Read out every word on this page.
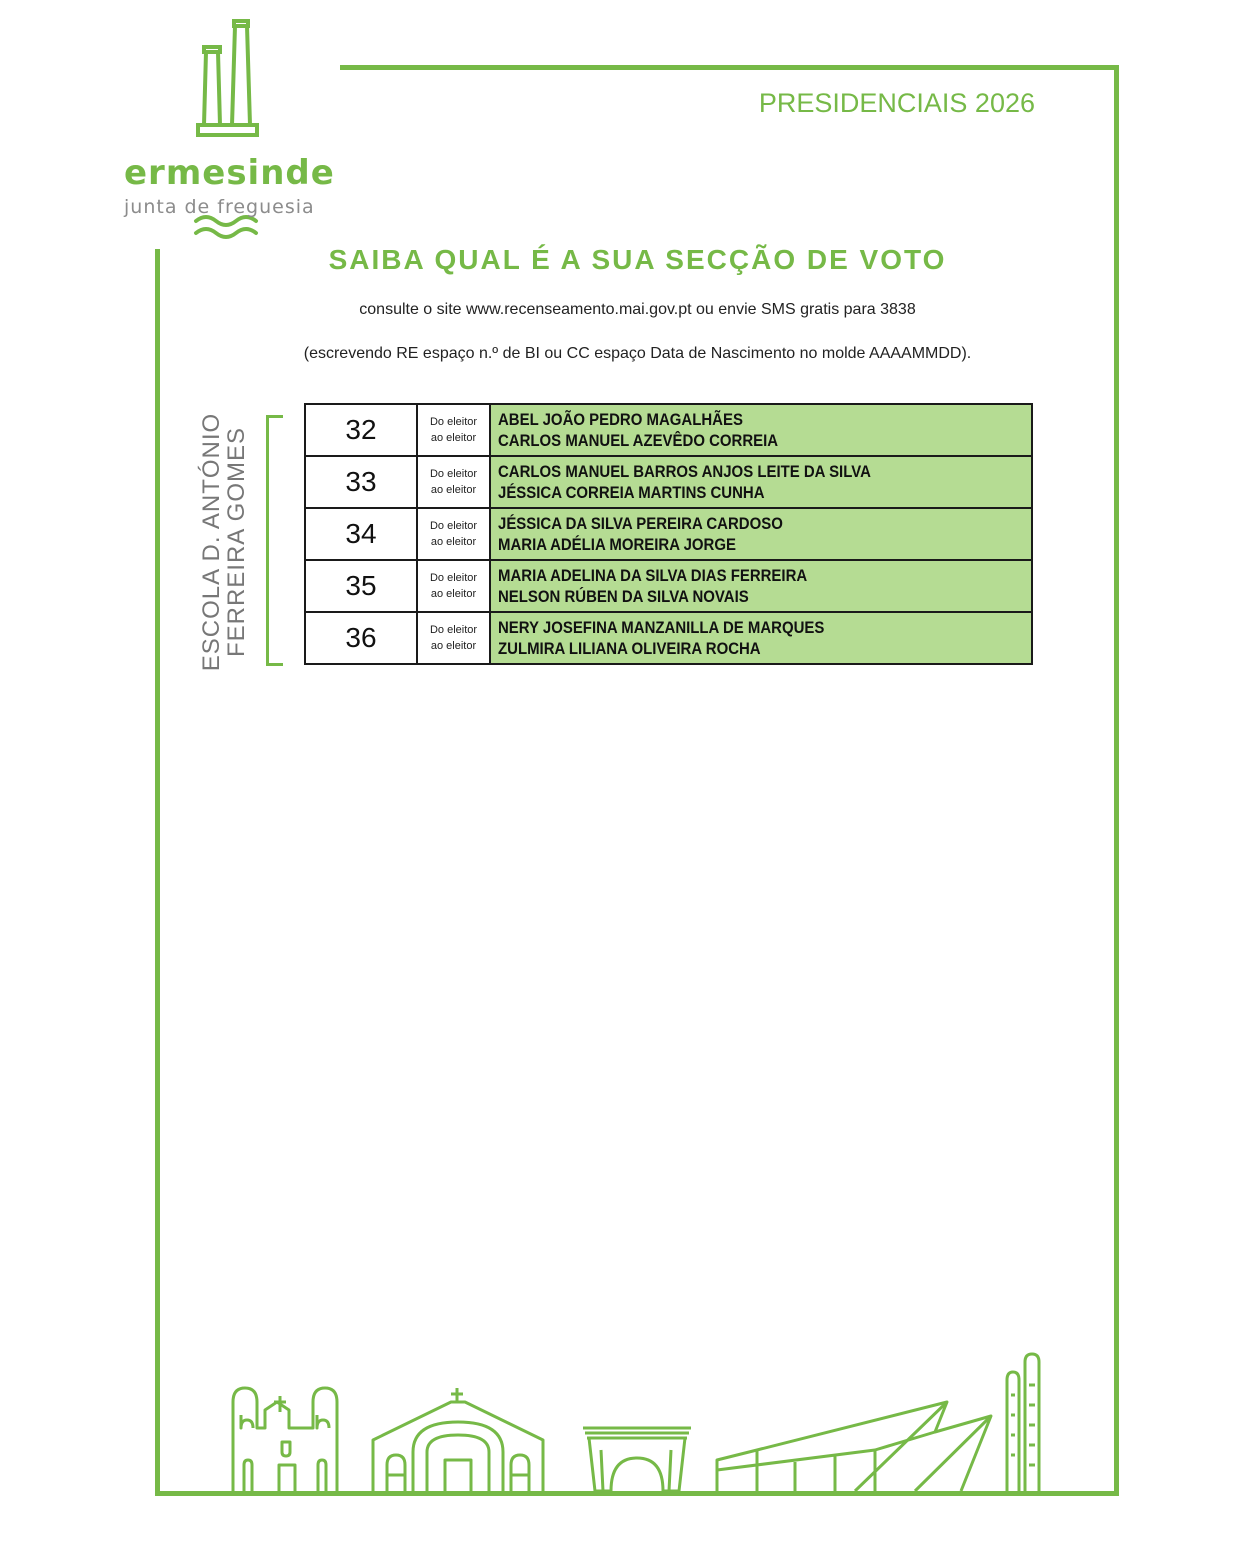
ermesinde
junta de freguesia
PRESIDENCIAIS 2026
SAIBA QUAL É A SUA SECÇÃO DE VOTO
consulte o site www.recenseamento.mai.gov.pt ou envie SMS gratis para 3838
(escrevendo RE espaço n.º de BI ou CC espaço Data de Nascimento no molde AAAAMMDD).
ESCOLA D. ANTÓNIO
FERREIRA GOMES	32	Do eleitor
ao eleitor	ABEL JOÃO PEDRO MAGALHÃES
CARLOS MANUEL AZEVÊDO CORREIA

33	Do eleitor
ao eleitor	CARLOS MANUEL BARROS ANJOS LEITE DA SILVA
JÉSSICA CORREIA MARTINS CUNHA

34	Do eleitor
ao eleitor	JÉSSICA DA SILVA PEREIRA CARDOSO
MARIA ADÉLIA MOREIRA JORGE

35	Do eleitor
ao eleitor	MARIA ADELINA DA SILVA DIAS FERREIRA
NELSON RÚBEN DA SILVA NOVAIS

36	Do eleitor
ao eleitor	NERY JOSEFINA MANZANILLA DE MARQUES
ZULMIRA LILIANA OLIVEIRA ROCHA
